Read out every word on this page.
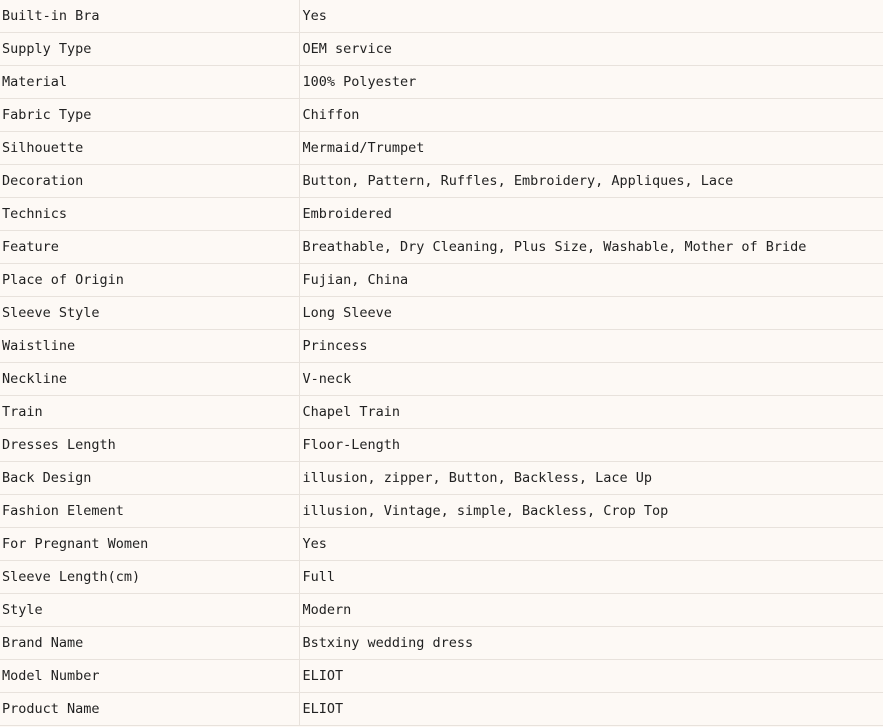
Built-in Bra	Yes
Supply Type	OEM service
Material	100% Polyester
Fabric Type	Chiffon
Silhouette	Mermaid/Trumpet
Decoration	Button, Pattern, Ruffles, Embroidery, Appliques, Lace
Technics	Embroidered
Feature	Breathable, Dry Cleaning, Plus Size, Washable, Mother of Bride
Place of Origin	Fujian, China
Sleeve Style	Long Sleeve
Waistline	Princess
Neckline	V-neck
Train	Chapel Train
Dresses Length	Floor-Length
Back Design	illusion, zipper, Button, Backless, Lace Up
Fashion Element	illusion, Vintage, simple, Backless, Crop Top
For Pregnant Women	Yes
Sleeve Length(cm)	Full
Style	Modern
Brand Name	Bstxiny wedding dress
Model Number	ELIOT
Product Name	ELIOT
